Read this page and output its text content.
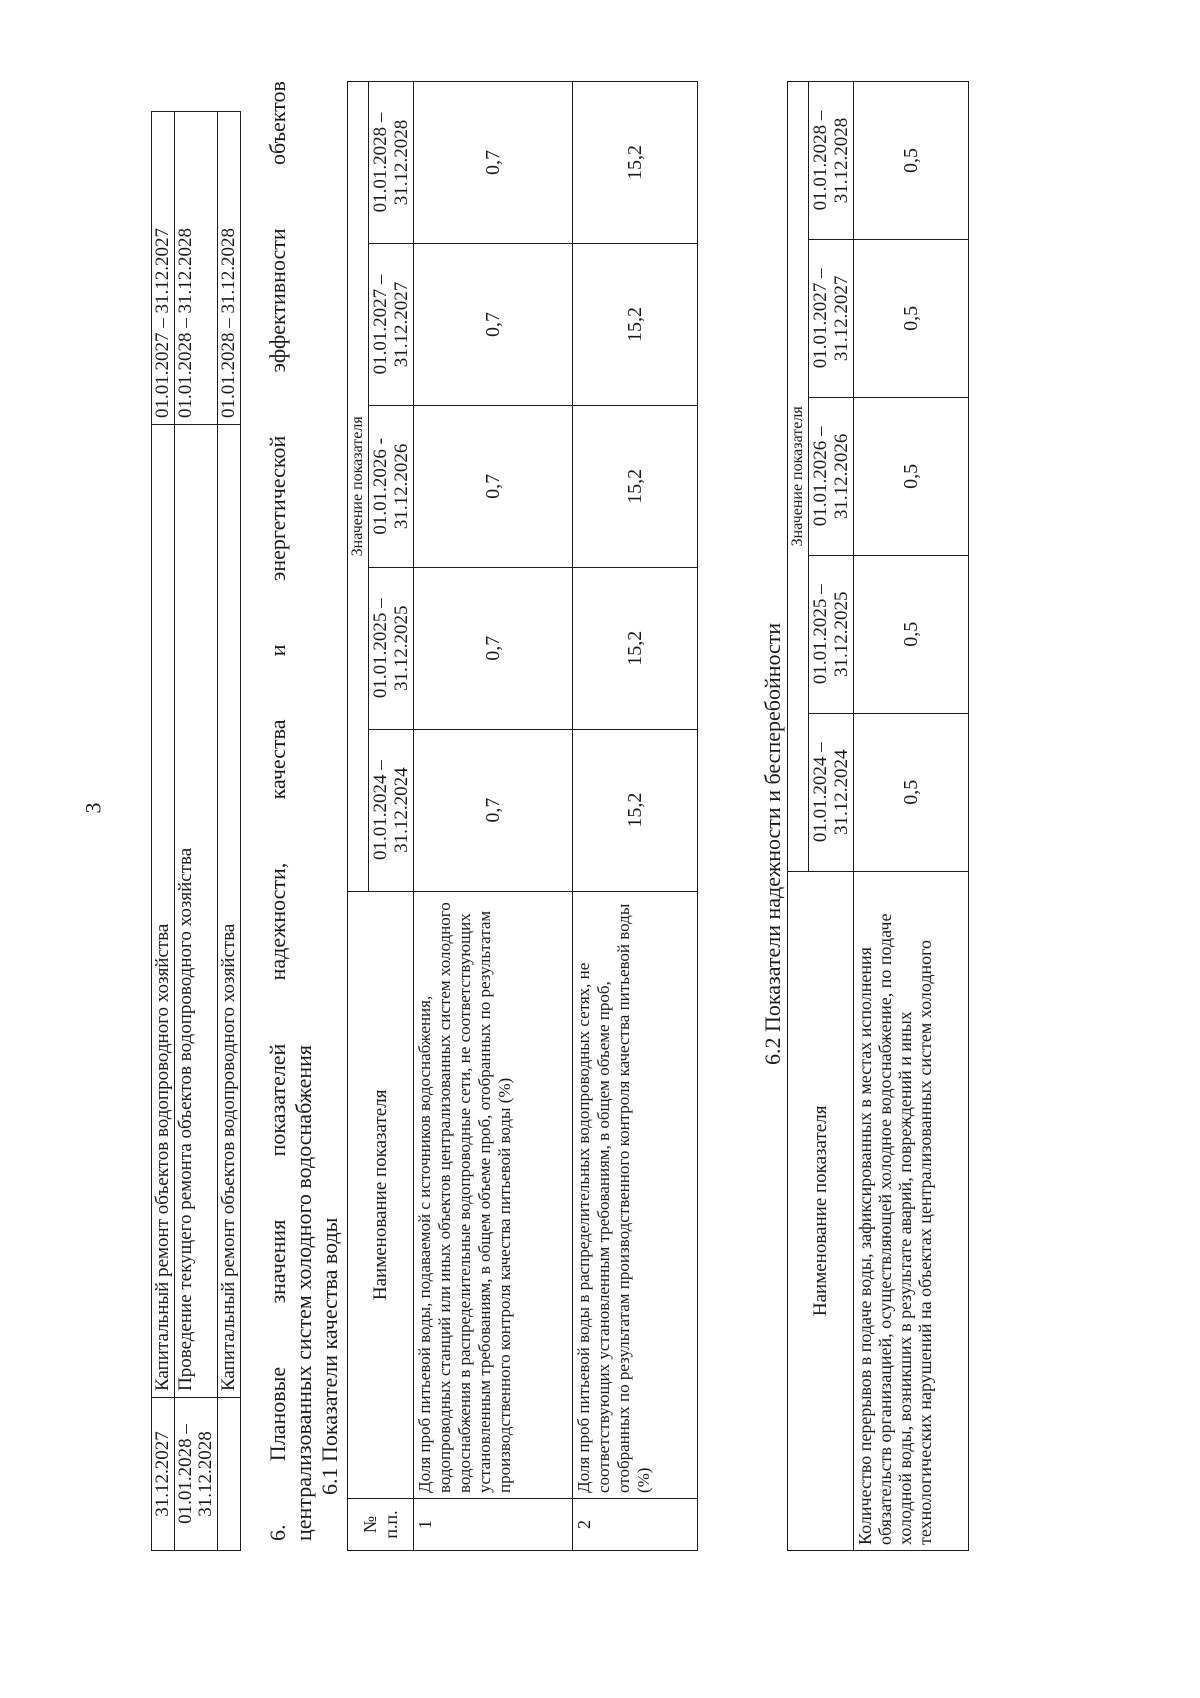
3
31.12.2027	Капитальный ремонт объектов водопроводного хозяйства	01.01.2027 – 31.12.2027
01.01.2028 –
31.12.2028	Проведение текущего ремонта объектов водопроводного хозяйства	01.01.2028 – 31.12.2028
	Капитальный ремонт объектов водопроводного хозяйства	01.01.2028 – 31.12.2028
6.
Плановые
значения
показателей
надежности,
качества
и
энергетической
эффективности
объектов
централизованных систем холодного водоснабжения 6.1 Показатели качества воды
№
п.п.	Наименование показателя	Значение показателя				
		01.01.2024 –
31.12.2024	01.01.2025 –
31.12.2025	01.01.2026 -
31.12.2026	01.01.2027 –
31.12.2027	01.01.2028 –
31.12.2028
1	Доля проб питьевой воды, подаваемой с источников водоснабжения, водопроводных станций или иных объектов централизованных систем холодного водоснабжения в распределительные водопроводные сети, не соответствующих установленным требованиям, в общем объеме проб, отобранных по результатам производственного контроля качества питьевой воды (%)	0,7	0,7	0,7	0,7	0,7
2	Доля проб питьевой воды в распределительных водопроводных сетях, не соответствующих установленным требованиям, в общем объеме проб, отобранных по результатам производственного контроля качества питьевой воды (%)	15,2	15,2	15,2	15,2	15,2
6.2 Показатели надежности и бесперебойности
Наименование показателя	Значение показателя				
	01.01.2024 –
31.12.2024	01.01.2025 –
31.12.2025	01.01.2026 –
31.12.2026	01.01.2027 –
31.12.2027	01.01.2028 –
31.12.2028
Количество перерывов в подаче воды, зафиксированных в местах исполнения обязательств организацией, осуществляющей холодное водоснабжение, по подаче холодной воды, возникших в результате аварий, повреждений и иных технологических нарушений на объектах централизованных систем холодного	0,5	0,5	0,5	0,5	0,5
